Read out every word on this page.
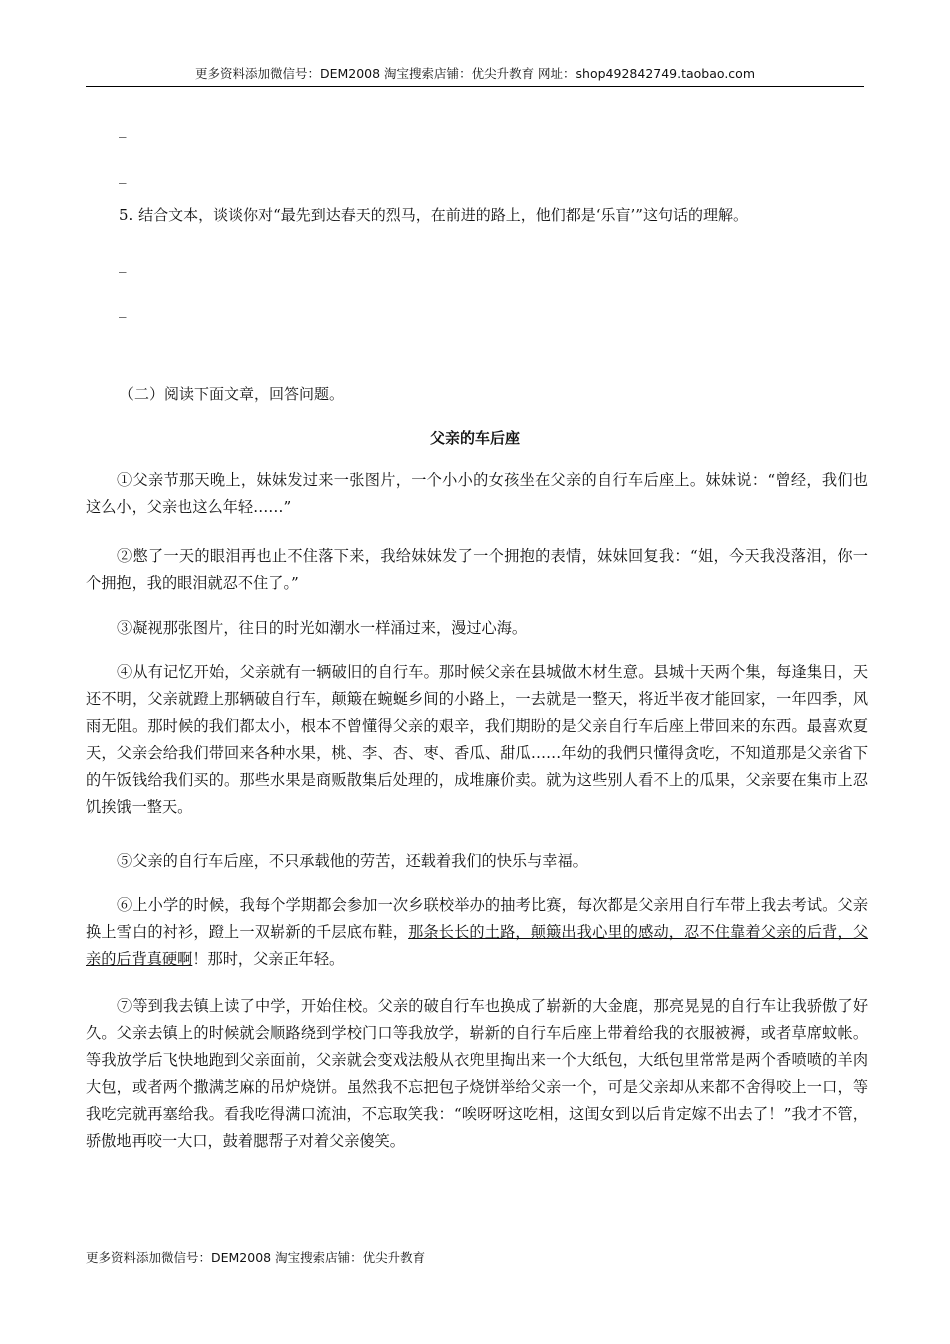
更多资料添加微信号：DEM2008 淘宝搜索店铺：优尖升教育 网址：shop492842749.taobao.com
_
_
5. 结合文本，谈谈你对“最先到达春天的烈马，在前进的路上，他们都是‘乐盲’”这句话的理解。
_
_
（二）阅读下面文章，回答问题。
父亲的车后座
①父亲节那天晚上，妹妹发过来一张图片，一个小小的女孩坐在父亲的自行车后座上。妹妹说：“曾经，我们也这么小，父亲也这么年轻……”
②憋了一天的眼泪再也止不住落下来，我给妹妹发了一个拥抱的表情，妹妹回复我：“姐，今天我没落泪，你一个拥抱，我的眼泪就忍不住了。”
③凝视那张图片，往日的时光如潮水一样涌过来，漫过心海。
④从有记忆开始，父亲就有一辆破旧的自行车。那时候父亲在县城做木材生意。县城十天两个集，每逢集日，天还不明，父亲就蹬上那辆破自行车，颠簸在蜿蜒乡间的小路上，一去就是一整天，将近半夜才能回家，一年四季，风雨无阻。那时候的我们都太小，根本不曾懂得父亲的艰辛，我们期盼的是父亲自行车后座上带回来的东西。最喜欢夏天，父亲会给我们带回来各种水果，桃、李、杏、枣、香瓜、甜瓜……年幼的我們只懂得贪吃，不知道那是父亲省下的午饭钱给我们买的。那些水果是商贩散集后处理的，成堆廉价卖。就为这些别人看不上的瓜果，父亲要在集市上忍饥挨饿一整天。
⑤父亲的自行车后座，不只承载他的劳苦，还载着我们的快乐与幸福。
⑥上小学的时候，我每个学期都会参加一次乡联校举办的抽考比赛，每次都是父亲用自行车带上我去考试。父亲换上雪白的衬衫，蹬上一双崭新的千层底布鞋，那条长长的土路，颠簸出我心里的感动，忍不住靠着父亲的后背，父亲的后背真硬啊！那时，父亲正年轻。
⑦等到我去镇上读了中学，开始住校。父亲的破自行车也换成了崭新的大金鹿，那亮晃晃的自行车让我骄傲了好久。父亲去镇上的时候就会顺路绕到学校门口等我放学，崭新的自行车后座上带着给我的衣服被褥，或者草席蚊帐。等我放学后飞快地跑到父亲面前，父亲就会变戏法般从衣兜里掏出来一个大纸包，大纸包里常常是两个香喷喷的羊肉大包，或者两个撒满芝麻的吊炉烧饼。虽然我不忘把包子烧饼举给父亲一个，可是父亲却从来都不舍得咬上一口，等我吃完就再塞给我。看我吃得满口流油，不忘取笑我：“唉呀呀这吃相，这闺女到以后肯定嫁不出去了！”我才不管，骄傲地再咬一大口，鼓着腮帮子对着父亲傻笑。
更多资料添加微信号：DEM2008 淘宝搜索店铺：优尖升教育
